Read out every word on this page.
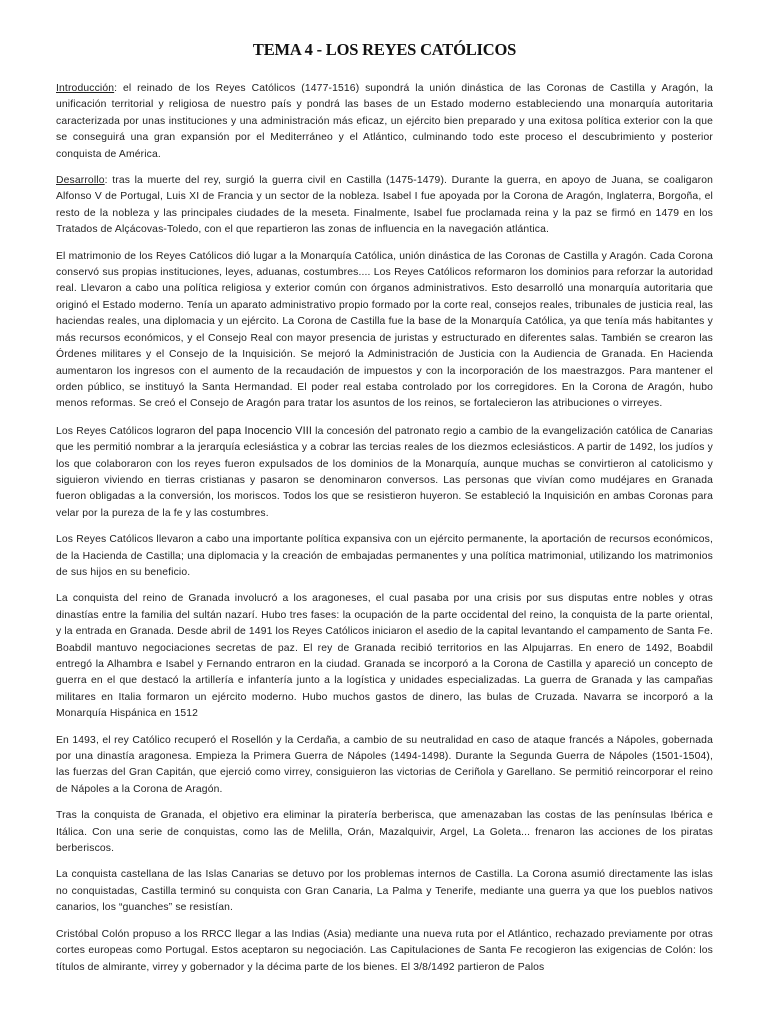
TEMA 4 - LOS REYES CATÓLICOS

Introducción: el reinado de los Reyes Católicos (1477-1516) supondrá la unión dinástica de las Coronas de Castilla y Aragón, la unificación territorial y religiosa de nuestro país y pondrá las bases de un Estado moderno estableciendo una monarquía autoritaria caracterizada por unas instituciones y una administración más eficaz, un ejército bien preparado y una exitosa política exterior con la que se conseguirá una gran expansión por el Mediterráneo y el Atlántico, culminando todo este proceso el descubrimiento y posterior conquista de América.

Desarrollo: tras la muerte del rey, surgió la guerra civil en Castilla (1475-1479). Durante la guerra, en apoyo de Juana, se coaligaron Alfonso V de Portugal, Luis XI de Francia y un sector de la nobleza. Isabel I fue apoyada por la Corona de Aragón, Inglaterra, Borgoña, el resto de la nobleza y las principales ciudades de la meseta. Finalmente, Isabel fue proclamada reina y la paz se firmó en 1479 en los Tratados de Alçácovas-Toledo, con el que repartieron las zonas de influencia en la navegación atlántica.

El matrimonio de los Reyes Católicos dió lugar a la Monarquía Católica, unión dinástica de las Coronas de Castilla y Aragón. Cada Corona conservó sus propias instituciones, leyes, aduanas, costumbres.... Los Reyes Católicos reformaron los dominios para reforzar la autoridad real. Llevaron a cabo una política religiosa y exterior común con órganos administrativos. Esto desarrolló una monarquía autoritaria que originó el Estado moderno. Tenía un aparato administrativo propio formado por la corte real, consejos reales, tribunales de justicia real, las haciendas reales, una diplomacia y un ejército. La Corona de Castilla fue la base de la Monarquía Católica, ya que tenía más habitantes y más recursos económicos, y el Consejo Real con mayor presencia de juristas y estructurado en diferentes salas. También se crearon las Órdenes militares y el Consejo de la Inquisición. Se mejoró la Administración de Justicia con la Audiencia de Granada. En Hacienda aumentaron los ingresos con el aumento de la recaudación de impuestos y con la incorporación de los maestrazgos. Para mantener el orden público, se instituyó la Santa Hermandad. El poder real estaba controlado por los corregidores. En la Corona de Aragón, hubo menos reformas. Se creó el Consejo de Aragón para tratar los asuntos de los reinos, se fortalecieron las atribuciones o virreyes.

Los Reyes Católicos lograron del papa Inocencio VIII la concesión del patronato regio a cambio de la evangelización católica de Canarias que les permitió nombrar a la jerarquía eclesiástica y a cobrar las tercias reales de los diezmos eclesiásticos. A partir de 1492, los judíos y los que colaboraron con los reyes fueron expulsados de los dominios de la Monarquía, aunque muchas se convirtieron al catolicismo y siguieron viviendo en tierras cristianas y pasaron se denominaron conversos. Las personas que vivían como mudéjares en Granada fueron obligadas a la conversión, los moriscos. Todos los que se resistieron huyeron. Se estableció la Inquisición en ambas Coronas para velar por la pureza de la fe y las costumbres.

Los Reyes Católicos llevaron a cabo una importante política expansiva con un ejército permanente, la aportación de recursos económicos, de la Hacienda de Castilla; una diplomacia y la creación de embajadas permanentes y una política matrimonial, utilizando los matrimonios de sus hijos en su beneficio.

La conquista del reino de Granada involucró a los aragoneses, el cual pasaba por una crisis por sus disputas entre nobles y otras dinastías entre la familia del sultán nazarí. Hubo tres fases: la ocupación de la parte occidental del reino, la conquista de la parte oriental, y la entrada en Granada. Desde abril de 1491 los Reyes Católicos iniciaron el asedio de la capital levantando el campamento de Santa Fe. Boabdil mantuvo negociaciones secretas de paz. El rey de Granada recibió territorios en las Alpujarras. En enero de 1492, Boabdil entregó la Alhambra e Isabel y Fernando entraron en la ciudad. Granada se incorporó a la Corona de Castilla y apareció un concepto de guerra en el que destacó la artillería e infantería junto a la logística y unidades especializadas. La guerra de Granada y las campañas militares en Italia formaron un ejército moderno. Hubo muchos gastos de dinero, las bulas de Cruzada. Navarra se incorporó a la Monarquía Hispánica en 1512

En 1493, el rey Católico recuperó el Rosellón y la Cerdaña, a cambio de su neutralidad en caso de ataque francés a Nápoles, gobernada por una dinastía aragonesa. Empieza la Primera Guerra de Nápoles (1494-1498). Durante la Segunda Guerra de Nápoles (1501-1504), las fuerzas del Gran Capitán, que ejerció como virrey, consiguieron las victorias de Ceriñola y Garellano. Se permitió reincorporar el reino de Nápoles a la Corona de Aragón.

Tras la conquista de Granada, el objetivo era eliminar la piratería berberisca, que amenazaban las costas de las penínsulas Ibérica e Itálica. Con una serie de conquistas, como las de Melilla, Orán, Mazalquivir, Argel, La Goleta... frenaron las acciones de los piratas berberiscos.

La conquista castellana de las Islas Canarias se detuvo por los problemas internos de Castilla. La Corona asumió directamente las islas no conquistadas, Castilla terminó su conquista con Gran Canaria, La Palma y Tenerife, mediante una guerra ya que los pueblos nativos canarios, los “guanches” se resistían.

Cristóbal Colón propuso a los RRCC llegar a las Indias (Asia) mediante una nueva ruta por el Atlántico, rechazado previamente por otras cortes europeas como Portugal. Estos aceptaron su negociación. Las Capitulaciones de Santa Fe recogieron las exigencias de Colón: los títulos de almirante, virrey y gobernador y la décima parte de los bienes. El 3/8/1492 partieron de Palos
